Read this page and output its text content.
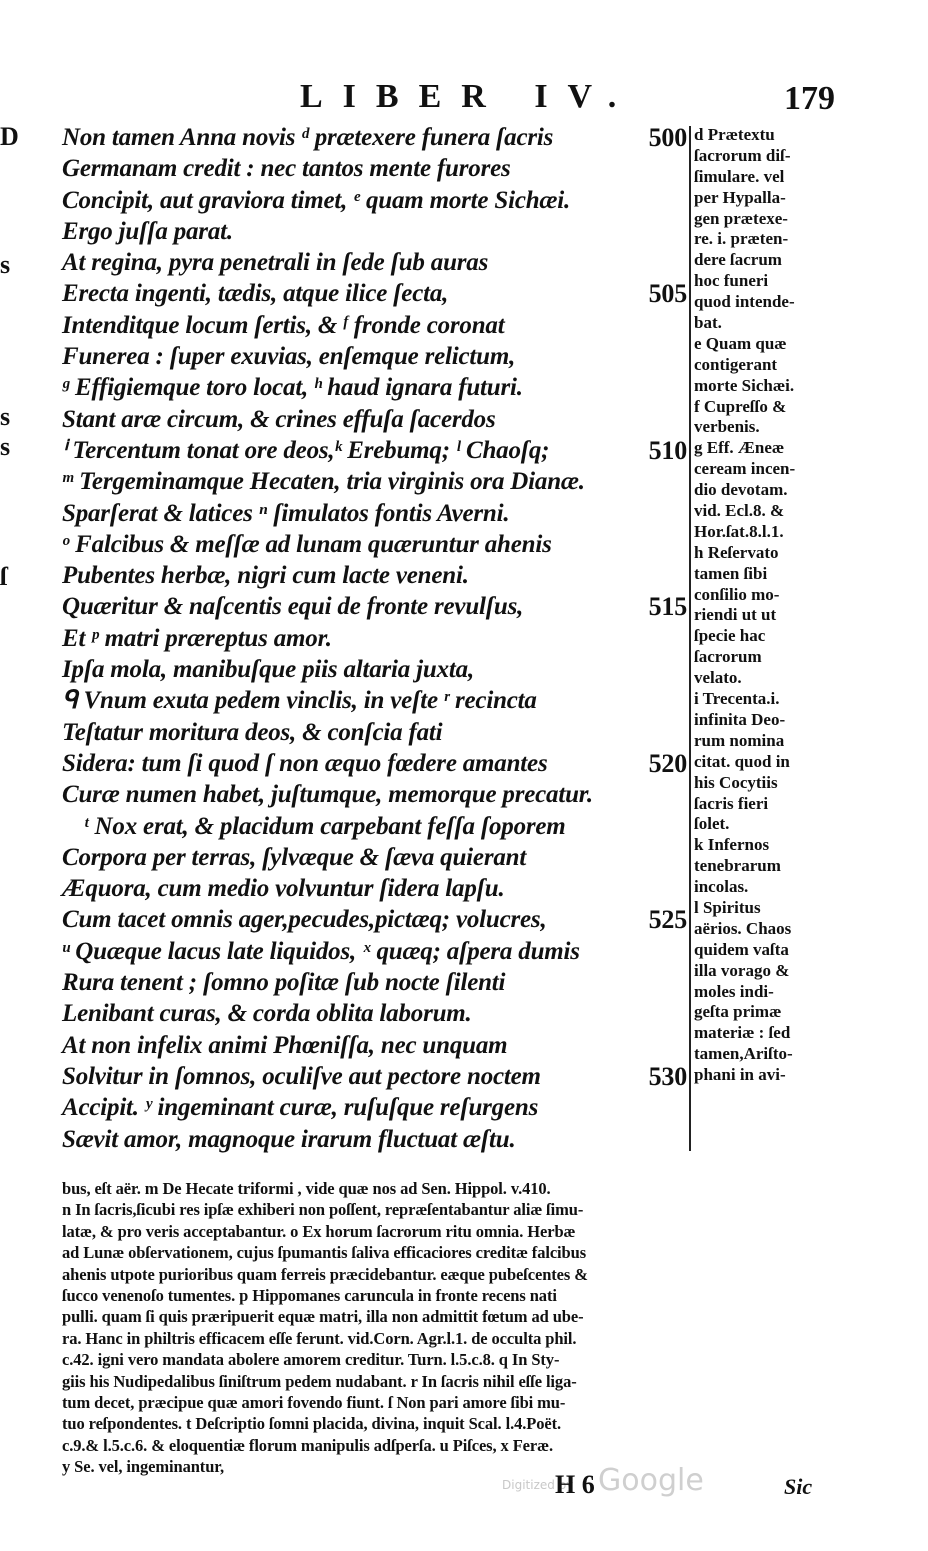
D
s
s
s
ſ
LIBER IV.	179
Non tamen Anna novis ᵈ prætexere funera ſacris	500
Germanam credit : nec tantos mente furores
Concipit, aut graviora timet, ᵉ quam morte Sichæi.
Ergo juſſa parat.
At regina, pyra penetrali in ſede ſub auras
Erecta ingenti, tædis, atque ilice ſecta,	505
Intenditque locum ſertis, & ᶠ fronde coronat
Funerea : ſuper exuvias, enſemque relictum,
ᵍ Effigiemque toro locat, ʰ haud ignara futuri.
Stant aræ circum, & crines effuſa ſacerdos
ⁱ Tercentum tonat ore deos,ᵏ Erebumq; ˡ Chaoſq;	510
ᵐ Tergeminamque Hecaten, tria virginis ora Dianæ.
Sparſerat & latices ⁿ ſimulatos fontis Averni.
ᵒ Falcibus & meſſæ ad lunam quæruntur ahenis
Pubentes herbæ, nigri cum lacte veneni.
Quæritur & naſcentis equi de fronte revulſus,	515
Et ᵖ matri præreptus amor.
Ipſa mola, manibuſque piis altaria juxta,
ᑫ Vnum exuta pedem vinclis, in veſte ʳ recincta
Teſtatur moritura deos, & conſcia fati
Sidera: tum ſi quod ſ non æquo fœdere amantes	520
Curæ numen habet, juſtumque, memorque precatur.
ᵗ Nox erat, & placidum carpebant feſſa ſoporem
Corpora per terras, ſylvæque & ſæva quierant
Æquora, cum medio volvuntur ſidera lapſu.
Cum tacet omnis ager,pecudes,pictæq; volucres,	525
ᵘ Quæque lacus late liquidos, ˣ quæq; aſpera dumis
Rura tenent ; ſomno poſitæ ſub nocte ſilenti
Lenibant curas, & corda oblita laborum.
At non infelix animi Phœniſſa, nec unquam
Solvitur in ſomnos, oculiſve aut pectore noctem	530
Accipit. ʸ ingeminant curæ, ruſuſque reſurgens
Sævit amor, magnoque irarum fluctuat æſtu.
d Prætextu
ſacrorum diſ-
ſimulare. vel
per Hypalla-
gen prætexe-
re. i. præten-
dere ſacrum
hoc funeri
quod intende-
bat.
e Quam quæ
contigerant
morte Sichæi.
f Cupreſſo &
verbenis.
g Eff. Æneæ
ceream incen-
dio devotam.
vid. Ecl.8. &
Hor.ſat.8.l.1.
h Reſervato
tamen ſibi
conſilio mo-
riendi ut ut
ſpecie hac
ſacrorum
velato.
i Trecenta.i.
infinita Deo-
rum nomina
citat. quod in
his Cocytiis
ſacris fieri
ſolet.
k Infernos
tenebrarum
incolas.
l Spiritus
aërios. Chaos
quidem vaſta
illa vorago &
moles indi-
geſta primæ
materiæ : ſed
tamen,Ariſto-
phani in avi-
bus, eſt aër. m De Hecate triformi , vide quæ nos ad Sen. Hippol. v.410.
n In ſacris,ſicubi res ipſæ exhiberi non poſſent, repræſentabantur aliæ ſimu-
latæ, & pro veris acceptabantur. o Ex horum ſacrorum ritu omnia. Herbæ
ad Lunæ obſervationem, cujus ſpumantis ſaliva efficaciores creditæ falcibus
ahenis utpote purioribus quam ferreis præcidebantur. eæque pubeſcentes &
ſucco venenoſo tumentes. p Hippomanes caruncula in fronte recens nati
pulli. quam ſi quis præripuerit equæ matri, illa non admittit fœtum ad ube-
ra. Hanc in philtris efficacem eſſe ferunt. vid.Corn. Agr.l.1. de occulta phil.
c.42. igni vero mandata abolere amorem creditur. Turn. l.5.c.8. q In Sty-
giis his Nudipedalibus ſiniſtrum pedem nudabant. r In ſacris nihil eſſe liga-
tum decet, præcipue quæ amori fovendo fiunt. ſ Non pari amore ſibi mu-
tuo reſpondentes. t Deſcriptio ſomni placida, divina, inquit Scal. l.4.Poët.
c.9.& l.5.c.6. & eloquentiæ florum manipulis adſperſa. u Piſces, x Feræ.
y Se. vel, ingeminantur,
Digitized by Google
H 6	Sic
